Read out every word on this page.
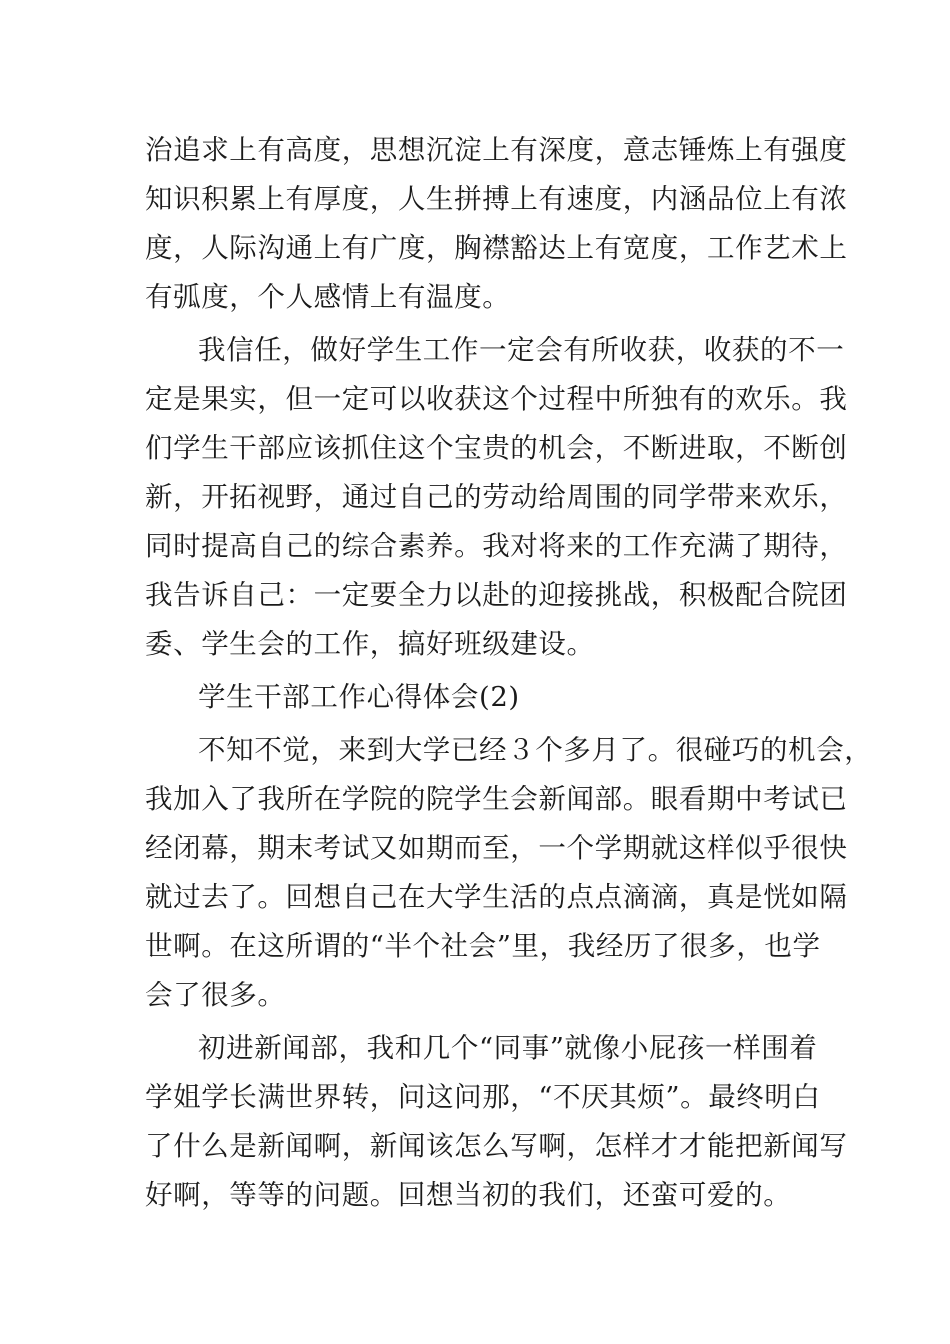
治追求上有高度，思想沉淀上有深度，意志锤炼上有强度
知识积累上有厚度，人生拼搏上有速度，内涵品位上有浓
度，人际沟通上有广度，胸襟豁达上有宽度，工作艺术上
有弧度，个人感情上有温度。
我信任，做好学生工作一定会有所收获，收获的不一
定是果实，但一定可以收获这个过程中所独有的欢乐。我
们学生干部应该抓住这个宝贵的机会，不断进取，不断创
新，开拓视野，通过自己的劳动给周围的同学带来欢乐，
同时提高自己的综合素养。我对将来的工作充满了期待，
我告诉自己：一定要全力以赴的迎接挑战，积极配合院团
委、学生会的工作，搞好班级建设。
学生干部工作心得体会(2)
不知不觉，来到大学已经３个多月了。很碰巧的机会，
我加入了我所在学院的院学生会新闻部。眼看期中考试已
经闭幕，期末考试又如期而至，一个学期就这样似乎很快
就过去了。回想自己在大学生活的点点滴滴，真是恍如隔
世啊。在这所谓的“半个社会”里，我经历了很多，也学
会了很多。
初进新闻部，我和几个“同事”就像小屁孩一样围着
学姐学长满世界转，问这问那，“不厌其烦”。最终明白
了什么是新闻啊，新闻该怎么写啊，怎样才才能把新闻写
好啊，等等的问题。回想当初的我们，还蛮可爱的。
